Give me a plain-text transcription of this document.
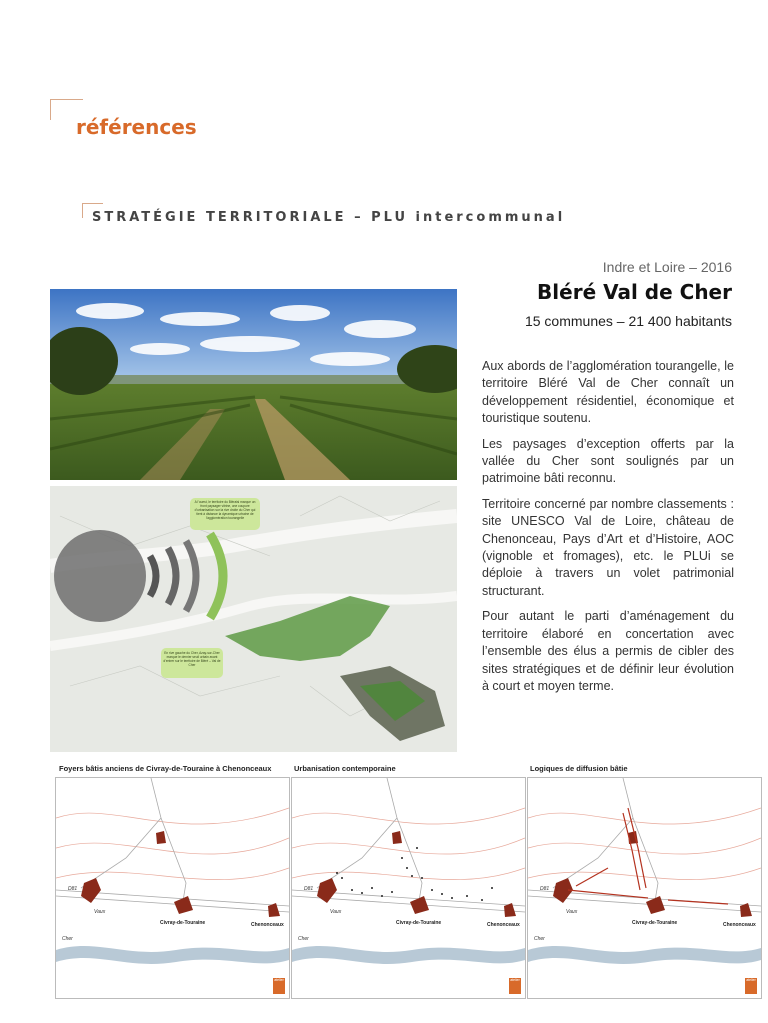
références
STRATÉGIE TERRITORIALE – PLU intercommunal

Indre et Loire – 2016

Bléré Val de Cher

15 communes – 21 400 habitants

A l’ouest, le territoire du Bléraisi marque un front paysager vitrine, une coupure d’urbanisation sur la rive droite du Cher qui tient à distance la dynamique urbaine de l’agglomération tourangelle
En rive gauche du Cher, Azay-sur-Cher marque le dernier seuil urbain avant d’entrer sur le territoire de Bléré – Val de Cher

Aux abords de l’agglomération tourangelle, le territoire Bléré Val de Cher connaît un développement résidentiel, économique et touristique soutenu.

Les paysages d’exception offerts par la vallée du Cher sont soulignés par un patrimoine bâti reconnu.

Territoire concerné par nombre classements : site UNESCO Val de Loire, château de Chenonceau, Pays d’Art et d’Histoire, AOC (vignoble et fromages), etc. le PLUi se déploie à travers un volet patrimonial structurant.

Pour autant le parti d’aménagement du territoire élaboré en concertation avec l’ensemble des élus a permis de cibler des sites stratégiques et de définir leur évolution à court et moyen terme.

Foyers bâtis anciens de Civray-de-Touraine à Chenonceaux	Urbanisation contemporaine	Logiques de diffusion bâtie

D81
Vaux
Civray-de-Touraine	Chenonceaux
Cher
atelier
D81
Vaux
Civray-de-Touraine	Chenonceaux
Cher
atelier
D81
Vaux
Civray-de-Touraine	Chenonceaux
Cher
atelier
